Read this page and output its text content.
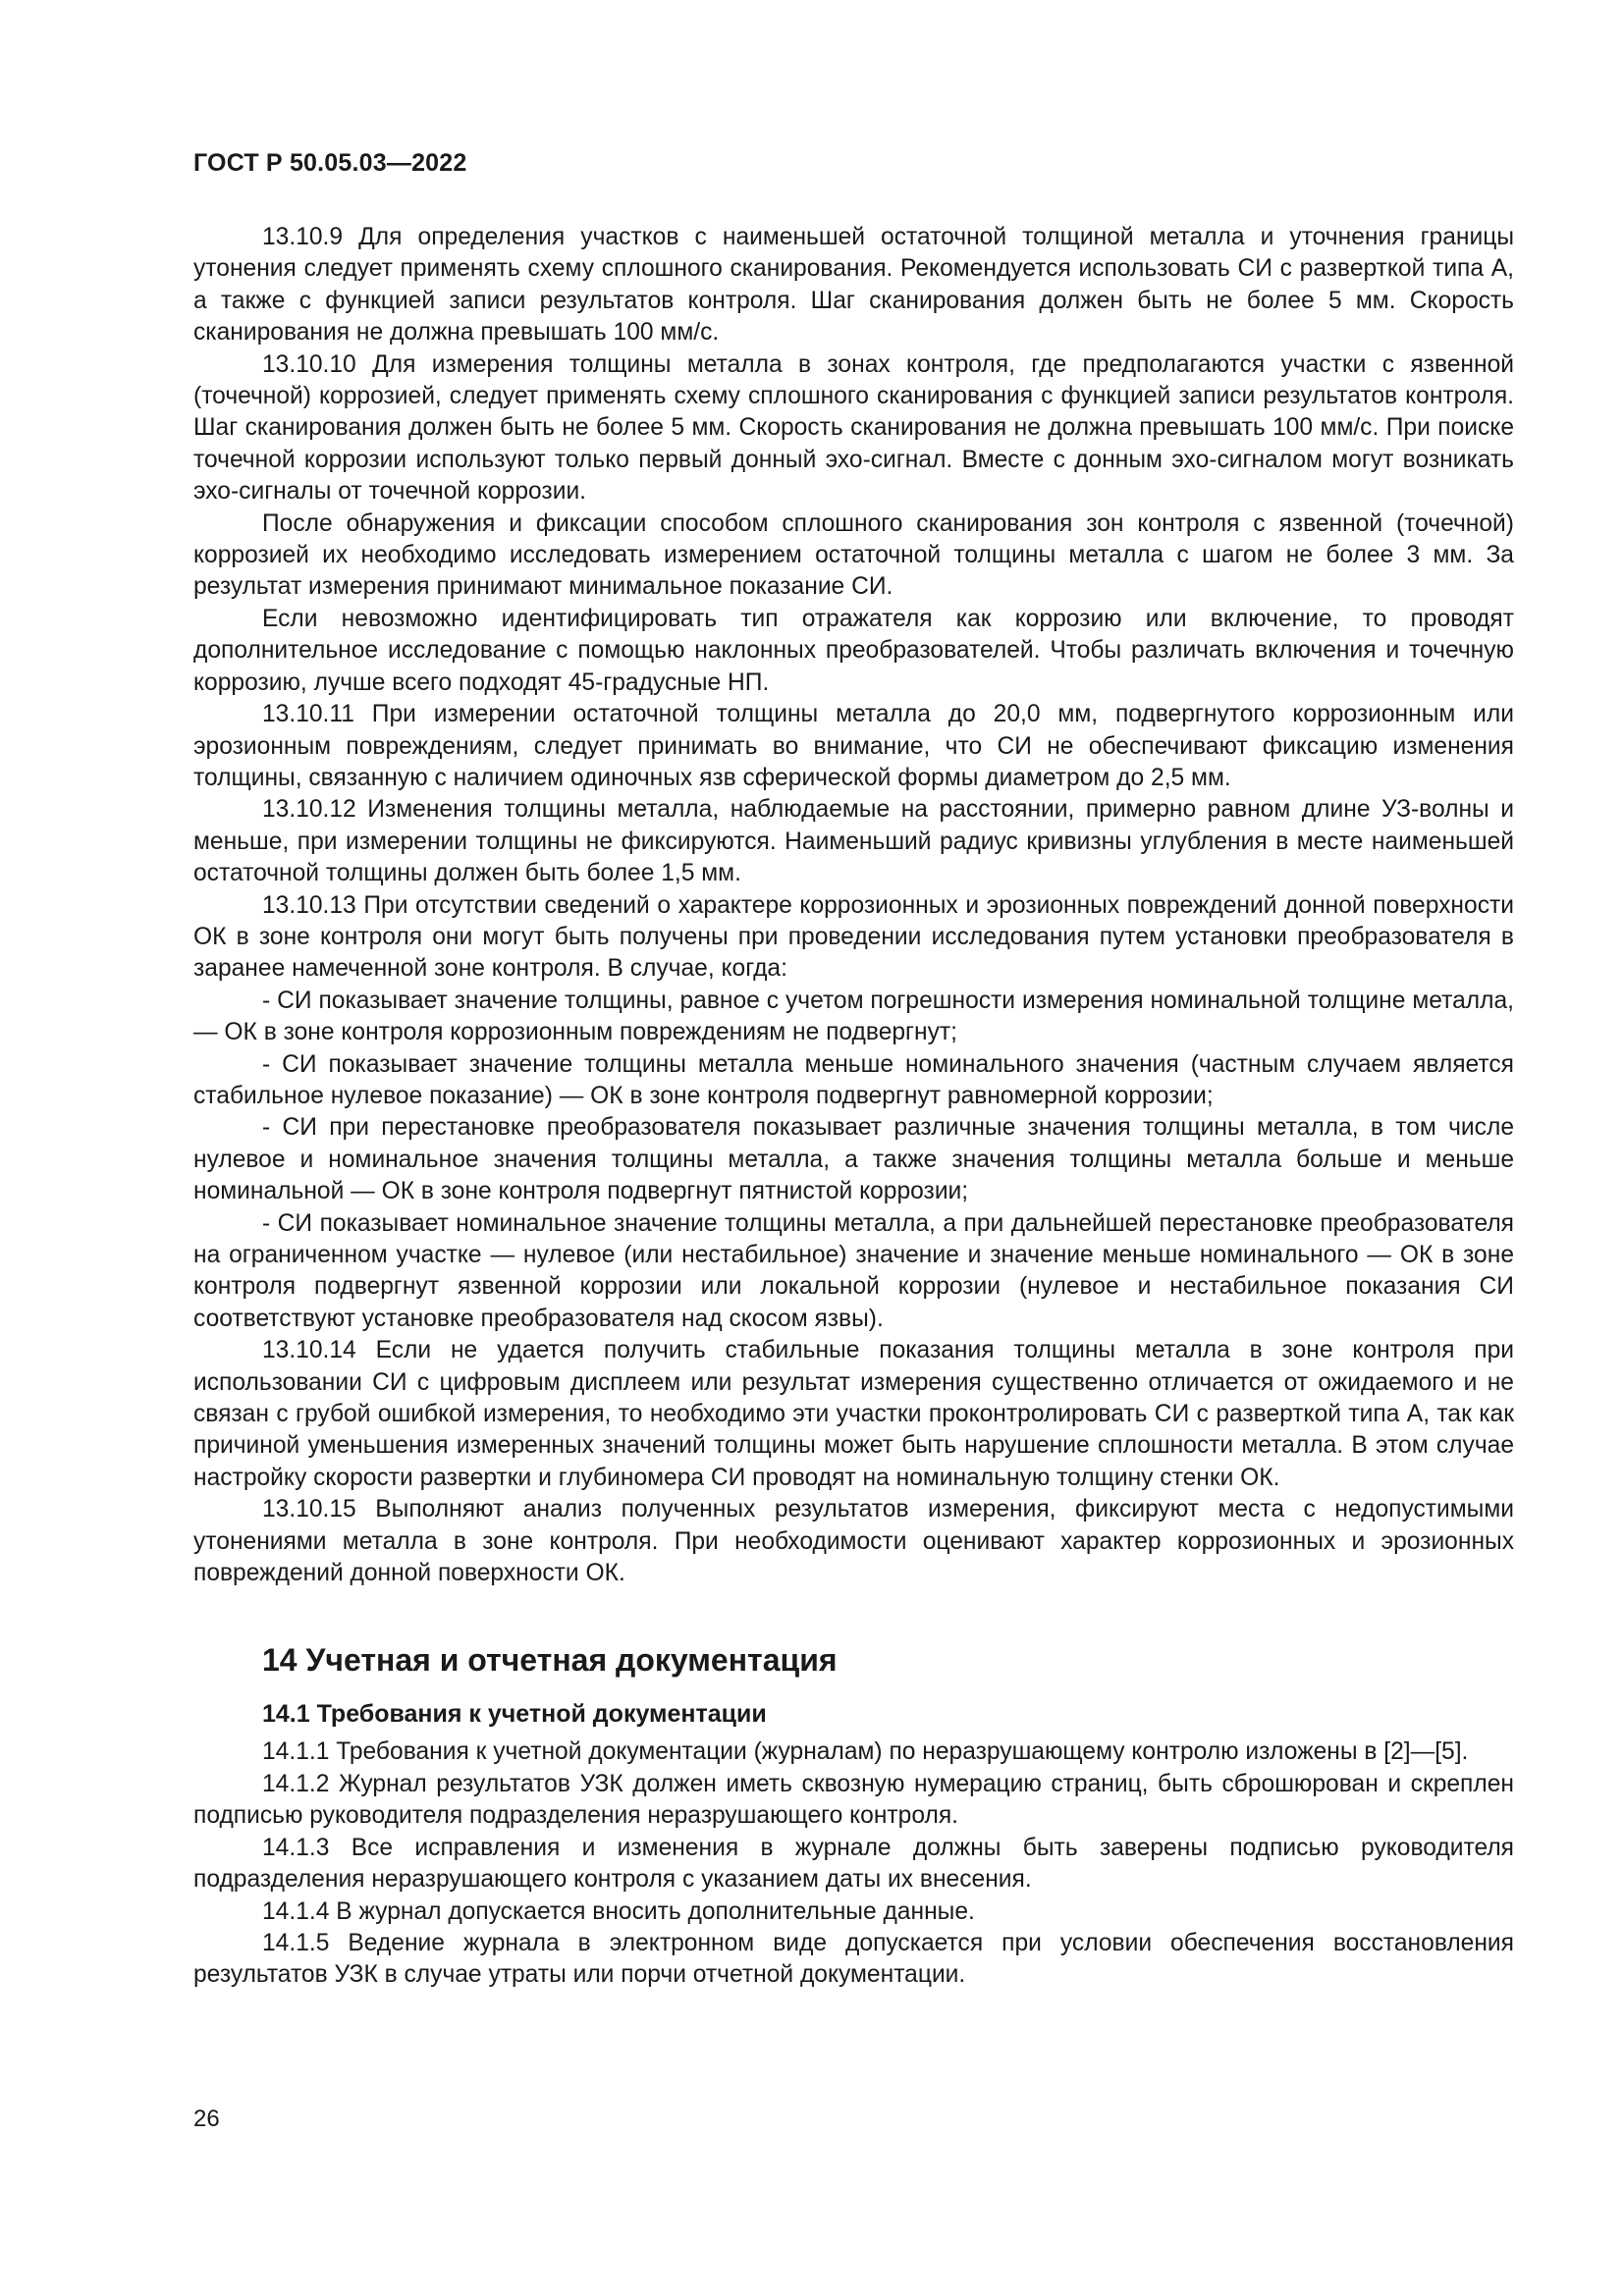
ГОСТ Р 50.05.03—2022

13.10.9 Для определения участков с наименьшей остаточной толщиной металла и уточнения границы утонения следует применять схему сплошного сканирования. Рекомендуется использовать СИ с разверткой типа А, а также с функцией записи результатов контроля. Шаг сканирования должен быть не более 5 мм. Скорость сканирования не должна превышать 100 мм/с.

13.10.10 Для измерения толщины металла в зонах контроля, где предполагаются участки с язвенной (точечной) коррозией, следует применять схему сплошного сканирования с функцией записи результатов контроля. Шаг сканирования должен быть не более 5 мм. Скорость сканирования не должна превышать 100 мм/с. При поиске точечной коррозии используют только первый донный эхо-сигнал. Вместе с донным эхо-сигналом могут возникать эхо-сигналы от точечной коррозии.

После обнаружения и фиксации способом сплошного сканирования зон контроля с язвенной (точечной) коррозией их необходимо исследовать измерением остаточной толщины металла с шагом не более 3 мм. За результат измерения принимают минимальное показание СИ.

Если невозможно идентифицировать тип отражателя как коррозию или включение, то проводят дополнительное исследование с помощью наклонных преобразователей. Чтобы различать включения и точечную коррозию, лучше всего подходят 45-градусные НП.

13.10.11 При измерении остаточной толщины металла до 20,0 мм, подвергнутого коррозионным или эрозионным повреждениям, следует принимать во внимание, что СИ не обеспечивают фиксацию изменения толщины, связанную с наличием одиночных язв сферической формы диаметром до 2,5 мм.

13.10.12 Изменения толщины металла, наблюдаемые на расстоянии, примерно равном длине УЗ-волны и меньше, при измерении толщины не фиксируются. Наименьший радиус кривизны углубления в месте наименьшей остаточной толщины должен быть более 1,5 мм.

13.10.13 При отсутствии сведений о характере коррозионных и эрозионных повреждений донной поверхности ОК в зоне контроля они могут быть получены при проведении исследования путем установки преобразователя в заранее намеченной зоне контроля. В случае, когда:

- СИ показывает значение толщины, равное с учетом погрешности измерения номинальной толщине металла, — ОК в зоне контроля коррозионным повреждениям не подвергнут;

- СИ показывает значение толщины металла меньше номинального значения (частным случаем является стабильное нулевое показание) — ОК в зоне контроля подвергнут равномерной коррозии;

- СИ при перестановке преобразователя показывает различные значения толщины металла, в том числе нулевое и номинальное значения толщины металла, а также значения толщины металла больше и меньше номинальной — ОК в зоне контроля подвергнут пятнистой коррозии;

- СИ показывает номинальное значение толщины металла, а при дальнейшей перестановке преобразователя на ограниченном участке — нулевое (или нестабильное) значение и значение меньше номинального — ОК в зоне контроля подвергнут язвенной коррозии или локальной коррозии (нулевое и нестабильное показания СИ соответствуют установке преобразователя над скосом язвы).

13.10.14 Если не удается получить стабильные показания толщины металла в зоне контроля при использовании СИ с цифровым дисплеем или результат измерения существенно отличается от ожидаемого и не связан с грубой ошибкой измерения, то необходимо эти участки проконтролировать СИ с разверткой типа А, так как причиной уменьшения измеренных значений толщины может быть нарушение сплошности металла. В этом случае настройку скорости развертки и глубиномера СИ проводят на номинальную толщину стенки ОК.

13.10.15 Выполняют анализ полученных результатов измерения, фиксируют места с недопустимыми утонениями металла в зоне контроля. При необходимости оценивают характер коррозионных и эрозионных повреждений донной поверхности ОК.

14 Учетная и отчетная документация
14.1 Требования к учетной документации

14.1.1 Требования к учетной документации (журналам) по неразрушающему контролю изложены в [2]—[5].

14.1.2 Журнал результатов УЗК должен иметь сквозную нумерацию страниц, быть сброшюрован и скреплен подписью руководителя подразделения неразрушающего контроля.

14.1.3 Все исправления и изменения в журнале должны быть заверены подписью руководителя подразделения неразрушающего контроля с указанием даты их внесения.

14.1.4 В журнал допускается вносить дополнительные данные.

14.1.5 Ведение журнала в электронном виде допускается при условии обеспечения восстановления результатов УЗК в случае утраты или порчи отчетной документации.

26
